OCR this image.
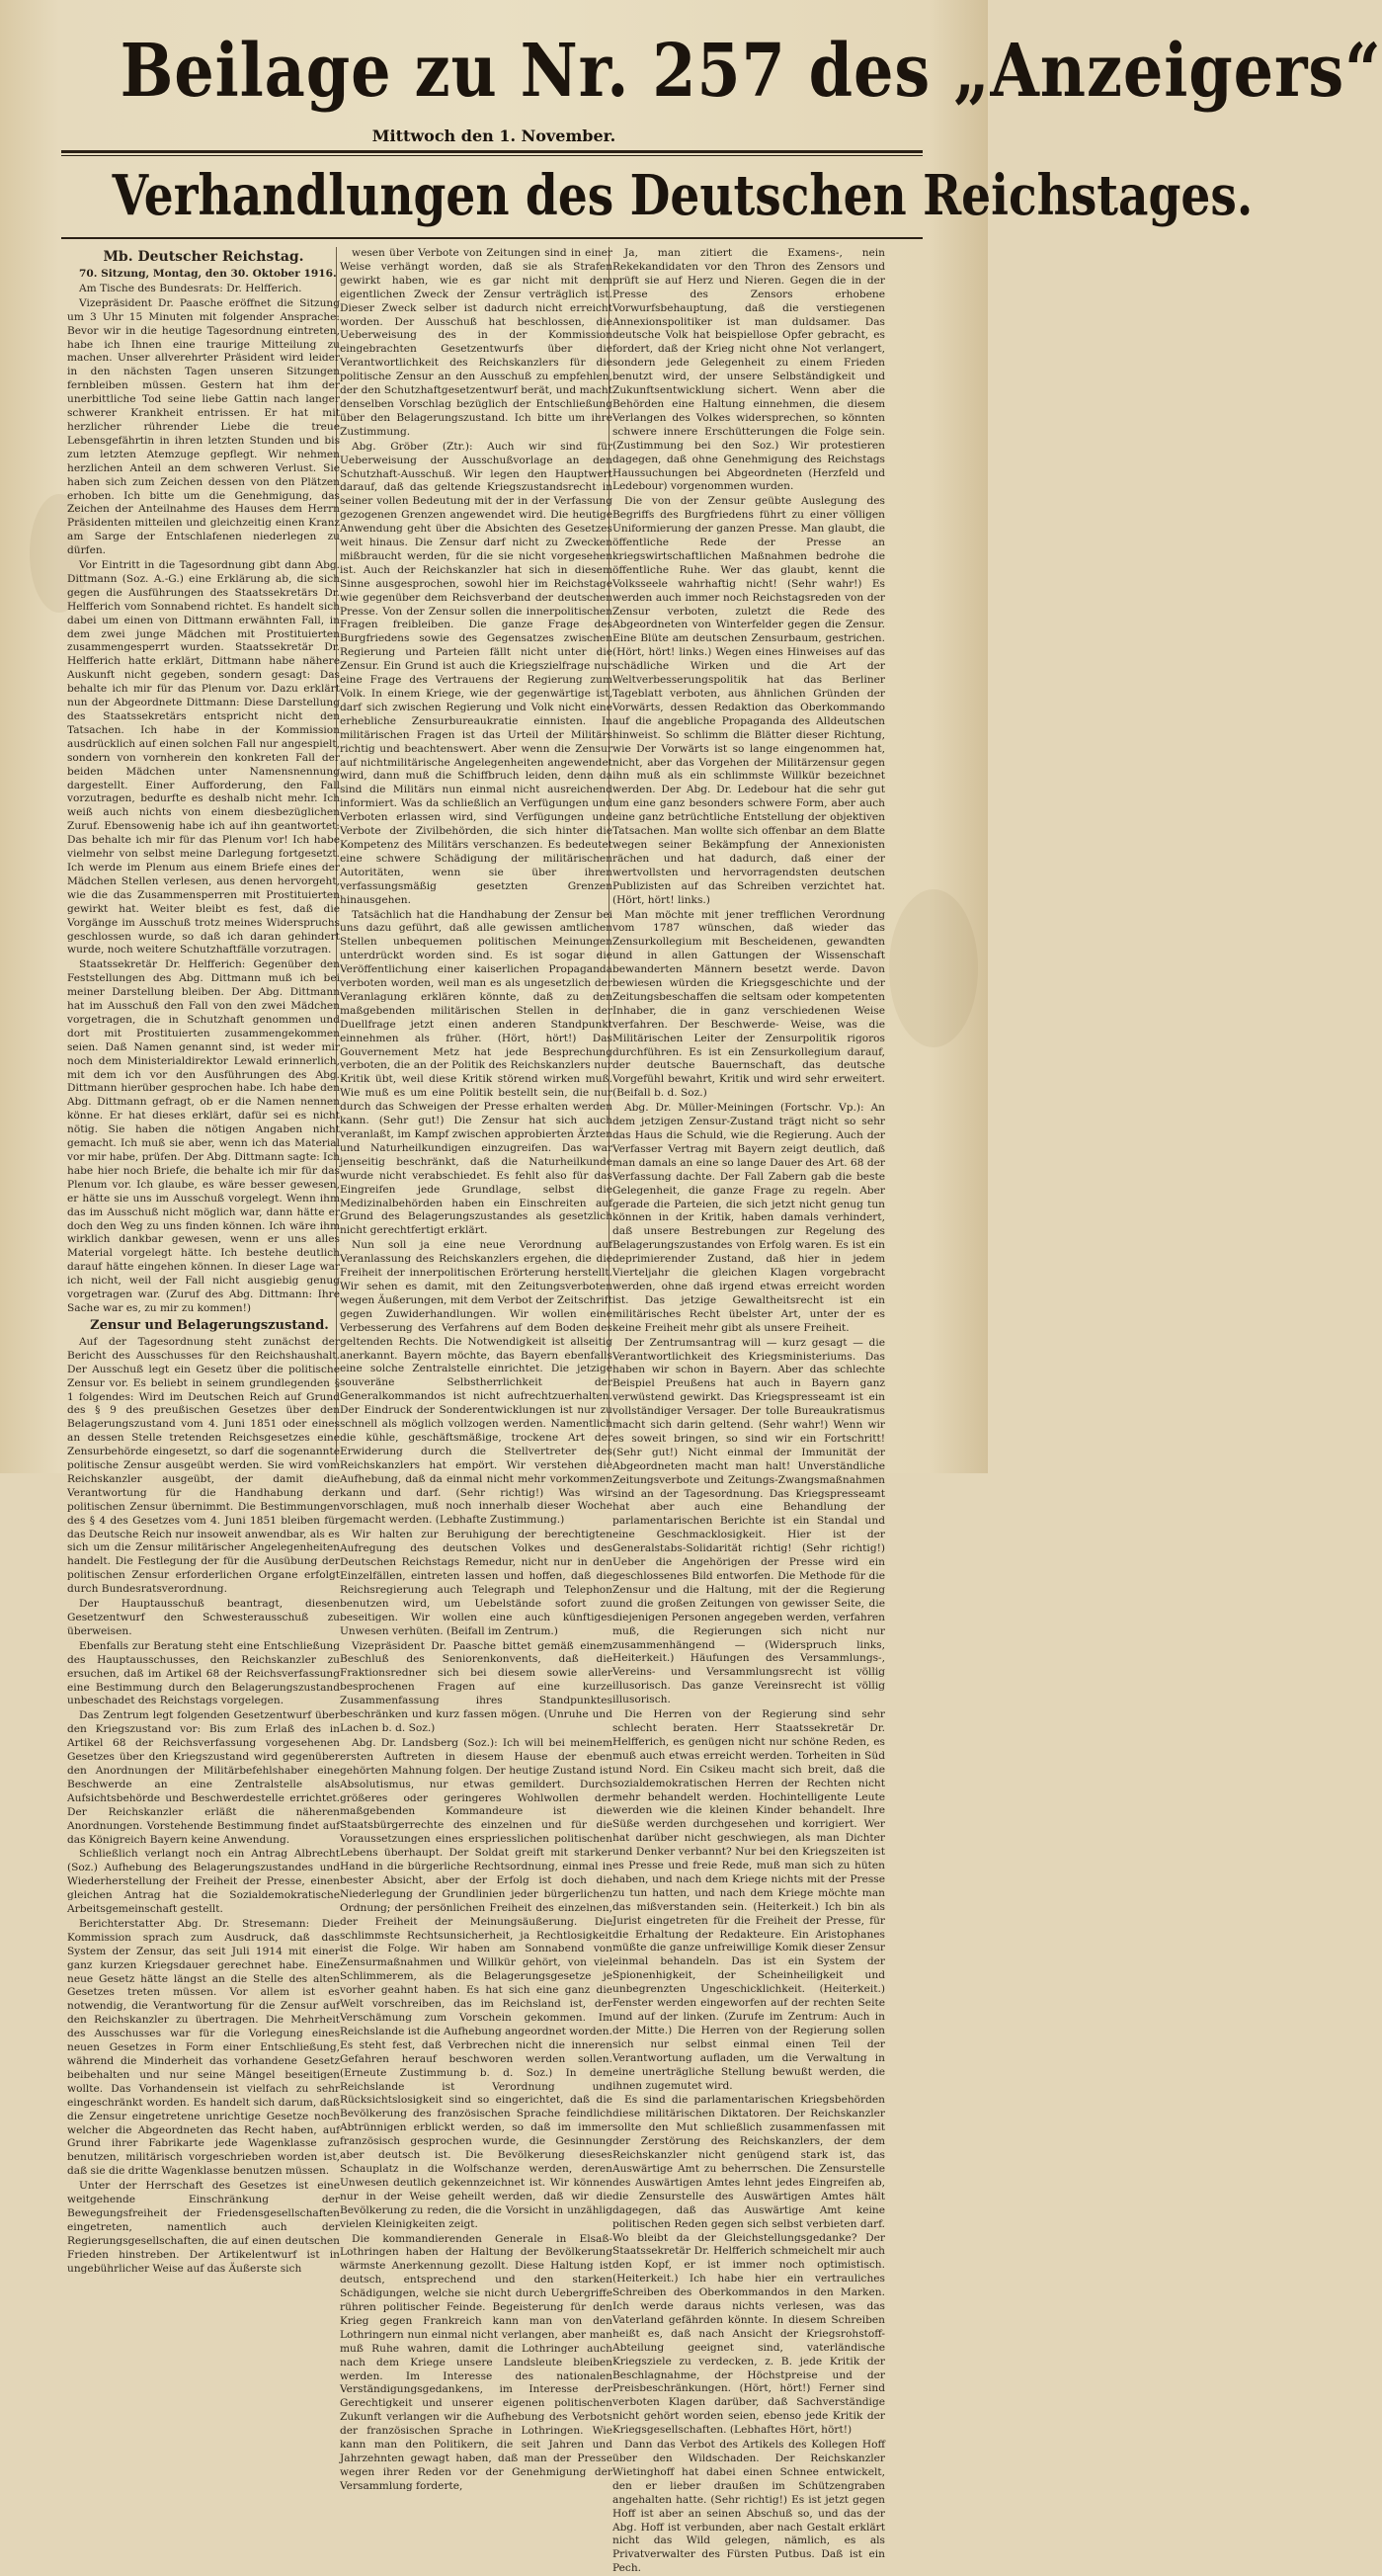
Beilage zu Nr. 257 des „Anzeigers“
Mittwoch den 1. November.
Verhandlungen des Deutschen Reichstages.

Mb. Deutscher Reichstag.

70. Sitzung, Montag, den 30. Oktober 1916.

Am Tische des Bundesrats: Dr. Helfferich.

Vizepräsident Dr. Paasche eröffnet die Sitzung um 3 Uhr 15 Minuten mit folgender Ansprache: Bevor wir in die heutige Tagesordnung eintreten, habe ich Ihnen eine traurige Mitteilung zu machen. Unser allverehrter Präsident wird leider in den nächsten Tagen unseren Sitzungen fernbleiben müssen. Gestern hat ihm der unerbittliche Tod seine liebe Gattin nach langer schwerer Krankheit entrissen. Er hat mit herzlicher rührender Liebe die treue Lebensgefährtin in ihren letzten Stunden und bis zum letzten Atemzuge gepflegt. Wir nehmen herzlichen Anteil an dem schweren Verlust. Sie haben sich zum Zeichen dessen von den Plätzen erhoben. Ich bitte um die Genehmigung, das Zeichen der Anteilnahme des Hauses dem Herrn Präsidenten mitteilen und gleichzeitig einen Kranz am Sarge der Entschlafenen niederlegen zu dürfen.

Vor Eintritt in die Tagesordnung gibt dann Abg. Dittmann (Soz. A.-G.) eine Erklärung ab, die sich gegen die Ausführungen des Staatssekretärs Dr. Helfferich vom Sonnabend richtet. Es handelt sich dabei um einen von Dittmann erwähnten Fall, in dem zwei junge Mädchen mit Prostituierten zusammengesperrt wurden. Staatssekretär Dr. Helfferich hatte erklärt, Dittmann habe nähere Auskunft nicht gegeben, sondern gesagt: Das behalte ich mir für das Plenum vor. Dazu erklärt nun der Abgeordnete Dittmann: Diese Darstellung des Staatssekretärs entspricht nicht den Tatsachen. Ich habe in der Kommission ausdrücklich auf einen solchen Fall nur angespielt, sondern von vornherein den konkreten Fall der beiden Mädchen unter Namensnennung dargestellt. Einer Aufforderung, den Fall vorzutragen, bedurfte es deshalb nicht mehr. Ich weiß auch nichts von einem diesbezüglichen Zuruf. Ebensowenig habe ich auf ihn geantwortet: Das behalte ich mir für das Plenum vor! Ich habe vielmehr von selbst meine Darlegung fortgesetzt. Ich werde im Plenum aus einem Briefe eines der Mädchen Stellen verlesen, aus denen hervorgeht, wie die das Zusammensperren mit Prostituierten gewirkt hat. Weiter bleibt es fest, daß die Vorgänge im Ausschuß trotz meines Widerspruchs geschlossen wurde, so daß ich daran gehindert wurde, noch weitere Schutzhaftfälle vorzutragen.

Staatssekretär Dr. Helfferich: Gegenüber den Feststellungen des Abg. Dittmann muß ich bei meiner Darstellung bleiben. Der Abg. Dittmann hat im Ausschuß den Fall von den zwei Mädchen vorgetragen, die in Schutzhaft genommen und dort mit Prostituierten zusammengekommen seien. Daß Namen genannt sind, ist weder mir noch dem Ministerialdirektor Lewald erinnerlich, mit dem ich vor den Ausführungen des Abg. Dittmann hierüber gesprochen habe. Ich habe den Abg. Dittmann gefragt, ob er die Namen nennen könne. Er hat dieses erklärt, dafür sei es nicht nötig. Sie haben die nötigen Angaben nicht gemacht. Ich muß sie aber, wenn ich das Material vor mir habe, prüfen. Der Abg. Dittmann sagte: Ich habe hier noch Briefe, die behalte ich mir für das Plenum vor. Ich glaube, es wäre besser gewesen, er hätte sie uns im Ausschuß vorgelegt. Wenn ihm das im Ausschuß nicht möglich war, dann hätte er doch den Weg zu uns finden können. Ich wäre ihm wirklich dankbar gewesen, wenn er uns alles Material vorgelegt hätte. Ich bestehe deutlich darauf hätte eingehen können. In dieser Lage war ich nicht, weil der Fall nicht ausgiebig genug vorgetragen war. (Zuruf des Abg. Dittmann: Ihre Sache war es, zu mir zu kommen!)

Zensur und Belagerungszustand.

Auf der Tagesordnung steht zunächst der Bericht des Ausschusses für den Reichshaushalt. Der Ausschuß legt ein Gesetz über die politische Zensur vor. Es beliebt in seinem grundlegenden § 1 folgendes: Wird im Deutschen Reich auf Grund des § 9 des preußischen Gesetzes über den Belagerungszustand vom 4. Juni 1851 oder eines an dessen Stelle tretenden Reichsgesetzes eine Zensurbehörde eingesetzt, so darf die sogenannte politische Zensur ausgeübt werden. Sie wird vom Reichskanzler ausgeübt, der damit die Verantwortung für die Handhabung der politischen Zensur übernimmt. Die Bestimmungen des § 4 des Gesetzes vom 4. Juni 1851 bleiben für das Deutsche Reich nur insoweit anwendbar, als es sich um die Zensur militärischer Angelegenheiten handelt. Die Festlegung der für die Ausübung der politischen Zensur erforderlichen Organe erfolgt durch Bundesratsverordnung.

Der Hauptausschuß beantragt, diesen Gesetzentwurf den Schwesterausschuß zu überweisen.

Ebenfalls zur Beratung steht eine Entschließung des Hauptausschusses, den Reichskanzler zu ersuchen, daß im Artikel 68 der Reichsverfassung eine Bestimmung durch den Belagerungszustand unbeschadet des Reichstags vorgelegen.

Das Zentrum legt folgenden Gesetzentwurf über den Kriegszustand vor: Bis zum Erlaß des in Artikel 68 der Reichsverfassung vorgesehenen Gesetzes über den Kriegszustand wird gegenüber den Anordnungen der Militärbefehlshaber eine Beschwerde an eine Zentralstelle als Aufsichtsbehörde und Beschwerdestelle errichtet. Der Reichskanzler erläßt die näheren Anordnungen. Vorstehende Bestimmung findet auf das Königreich Bayern keine Anwendung.

Schließlich verlangt noch ein Antrag Albrecht (Soz.) Aufhebung des Belagerungszustandes und Wiederherstellung der Freiheit der Presse, einen gleichen Antrag hat die Sozialdemokratische Arbeitsgemeinschaft gestellt.

Berichterstatter Abg. Dr. Stresemann: Die Kommission sprach zum Ausdruck, daß das System der Zensur, das seit Juli 1914 mit einer ganz kurzen Kriegsdauer gerechnet habe. Eine neue Gesetz hätte längst an die Stelle des alten Gesetzes treten müssen. Vor allem ist es notwendig, die Verantwortung für die Zensur auf den Reichskanzler zu übertragen. Die Mehrheit des Ausschusses war für die Vorlegung eines neuen Gesetzes in Form einer Entschließung, während die Minderheit das vorhandene Gesetz beibehalten und nur seine Mängel beseitigen wollte. Das Vorhandensein ist vielfach zu sehr eingeschränkt worden. Es handelt sich darum, daß die Zensur eingetretene unrichtige Gesetze noch welcher die Abgeordneten das Recht haben, auf Grund ihrer Fabrikarte jede Wagenklasse zu benutzen, militärisch vorgeschrieben worden ist, daß sie die dritte Wagenklasse benutzen müssen.

Unter der Herrschaft des Gesetzes ist eine weitgehende Einschränkung der Bewegungsfreiheit der Friedensgesellschaften eingetreten, namentlich auch der Regierungsgesellschaften, die auf einen deutschen Frieden hinstreben. Der Artikelentwurf ist in ungebührlicher Weise auf das Äußerste sich

wesen über Verbote von Zeitungen sind in einer Weise verhängt worden, daß sie als Strafen gewirkt haben, wie es gar nicht mit dem eigentlichen Zweck der Zensur verträglich ist. Dieser Zweck selber ist dadurch nicht erreicht worden. Der Ausschuß hat beschlossen, die Ueberweisung des in der Kommission eingebrachten Gesetzentwurfs über die Verantwortlichkeit des Reichskanzlers für die politische Zensur an den Ausschuß zu empfehlen, der den Schutzhaftgesetzentwurf berät, und macht denselben Vorschlag bezüglich der Entschließung über den Belagerungszustand. Ich bitte um ihre Zustimmung.

Abg. Gröber (Ztr.): Auch wir sind für Ueberweisung der Ausschußvorlage an den Schutzhaft-Ausschuß. Wir legen den Hauptwert darauf, daß das geltende Kriegszustandsrecht in seiner vollen Bedeutung mit der in der Verfassung gezogenen Grenzen angewendet wird. Die heutige Anwendung geht über die Absichten des Gesetzes weit hinaus. Die Zensur darf nicht zu Zwecken mißbraucht werden, für die sie nicht vorgesehen ist. Auch der Reichskanzler hat sich in diesem Sinne ausgesprochen, sowohl hier im Reichstage wie gegenüber dem Reichsverband der deutschen Presse. Von der Zensur sollen die innerpolitischen Fragen freibleiben. Die ganze Frage des Burgfriedens sowie des Gegensatzes zwischen Regierung und Parteien fällt nicht unter die Zensur. Ein Grund ist auch die Kriegszielfrage nur eine Frage des Vertrauens der Regierung zum Volk. In einem Kriege, wie der gegenwärtige ist, darf sich zwischen Regierung und Volk nicht eine erhebliche Zensurbureaukratie einnisten. In militärischen Fragen ist das Urteil der Militärs richtig und beachtenswert. Aber wenn die Zensur auf nichtmilitärische Angelegenheiten angewendet wird, dann muß die Schiffbruch leiden, denn da sind die Militärs nun einmal nicht ausreichend informiert. Was da schließlich an Verfügungen und Verboten erlassen wird, sind Verfügungen und Verbote der Zivilbehörden, die sich hinter die Kompetenz des Militärs verschanzen. Es bedeutet eine schwere Schädigung der militärischen Autoritäten, wenn sie über ihren verfassungsmäßig gesetzten Grenzen hinausgehen.

Tatsächlich hat die Handhabung der Zensur bei uns dazu geführt, daß alle gewissen amtlichen Stellen unbequemen politischen Meinungen unterdrückt worden sind. Es ist sogar die Veröffentlichung einer kaiserlichen Propaganda verboten worden, weil man es als ungesetzlich der Veranlagung erklären könnte, daß zu den maßgebenden militärischen Stellen in der Duellfrage jetzt einen anderen Standpunkt einnehmen als früher. (Hört, hört!) Das Gouvernement Metz hat jede Besprechung verboten, die an der Politik des Reichskanzlers nur Kritik übt, weil diese Kritik störend wirken muß. Wie muß es um eine Politik bestellt sein, die nur durch das Schweigen der Presse erhalten werden kann. (Sehr gut!) Die Zensur hat sich auch veranlaßt, im Kampf zwischen approbierten Ärzten und Naturheilkundigen einzugreifen. Das war jenseitig beschränkt, daß die Naturheilkunde wurde nicht verabschiedet. Es fehlt also für das Eingreifen jede Grundlage, selbst die Medizinalbehörden haben ein Einschreiten auf Grund des Belagerungszustandes als gesetzlich nicht gerechtfertigt erklärt.

Nun soll ja eine neue Verordnung auf Veranlassung des Reichskanzlers ergehen, die die Freiheit der innerpolitischen Erörterung herstellt. Wir sehen es damit, mit den Zeitungsverboten wegen Äußerungen, mit dem Verbot der Zeitschrift gegen Zuwiderhandlungen. Wir wollen eine Verbesserung des Verfahrens auf dem Boden des geltenden Rechts. Die Notwendigkeit ist allseitig anerkannt. Bayern möchte, das Bayern ebenfalls eine solche Zentralstelle einrichtet. Die jetzige souveräne Selbstherrlichkeit der Generalkommandos ist nicht aufrechtzuerhalten. Der Eindruck der Sonderentwicklungen ist nur zu schnell als möglich vollzogen werden. Namentlich die kühle, geschäftsmäßige, trockene Art der Erwiderung durch die Stellvertreter des Reichskanzlers hat empört. Wir verstehen die Aufhebung, daß da einmal nicht mehr vorkommen kann und darf. (Sehr richtig!) Was wir vorschlagen, muß noch innerhalb dieser Woche gemacht werden. (Lebhafte Zustimmung.)

Wir halten zur Beruhigung der berechtigten Aufregung des deutschen Volkes und des Deutschen Reichstags Remedur, nicht nur in den Einzelfällen, eintreten lassen und hoffen, daß die Reichsregierung auch Telegraph und Telephon benutzen wird, um Uebelstände sofort zu beseitigen. Wir wollen eine auch künftiges Unwesen verhüten. (Beifall im Zentrum.)

Vizepräsident Dr. Paasche bittet gemäß einem Beschluß des Seniorenkonvents, daß die Fraktionsredner sich bei diesem sowie aller besprochenen Fragen auf eine kurze Zusammenfassung ihres Standpunktes beschränken und kurz fassen mögen. (Unruhe und Lachen b. d. Soz.)

Abg. Dr. Landsberg (Soz.): Ich will bei meinem ersten Auftreten in diesem Hause der eben gehörten Mahnung folgen. Der heutige Zustand ist Absolutismus, nur etwas gemildert. Durch größeres oder geringeres Wohlwollen der maßgebenden Kommandeure ist die Staatsbürgerrechte des einzelnen und für die Voraussetzungen eines erspriesslichen politischen Lebens überhaupt. Der Soldat greift mit starker Hand in die bürgerliche Rechtsordnung, einmal in bester Absicht, aber der Erfolg ist doch die Niederlegung der Grundlinien jeder bürgerlichen Ordnung; der persönlichen Freiheit des einzelnen, der Freiheit der Meinungsäußerung. Die schlimmste Rechtsunsicherheit, ja Rechtlosigkeit ist die Folge. Wir haben am Sonnabend von Zensurmaßnahmen und Willkür gehört, von viel Schlimmerem, als die Belagerungsgesetze je vorher geahnt haben. Es hat sich eine ganz die Welt vorschreiben, das im Reichsland ist, der Verschämung zum Vorschein gekommen. Im Reichslande ist die Aufhebung angeordnet worden. Es steht fest, daß Verbrechen nicht die inneren Gefahren herauf beschworen werden sollen. (Erneute Zustimmung b. d. Soz.) In dem Reichslande ist Verordnung und Rücksichtslosigkeit sind so eingerichtet, daß die Bevölkerung des französischen Sprache feindlich Abtrünnigen erblickt werden, so daß im immer französisch gesprochen wurde, die Gesinnung aber deutsch ist. Die Bevölkerung dieses Schauplatz in die Wolfschanze werden, deren Unwesen deutlich gekennzeichnet ist. Wir können nur in der Weise geheilt werden, daß wir die Bevölkerung zu reden, die die Vorsicht in unzählig vielen Kleinigkeiten zeigt.

Die kommandierenden Generale in Elsaß-Lothringen haben der Haltung der Bevölkerung wärmste Anerkennung gezollt. Diese Haltung ist deutsch, entsprechend und den starken Schädigungen, welche sie nicht durch Uebergriffe rühren politischer Feinde. Begeisterung für den Krieg gegen Frankreich kann man von den Lothringern nun einmal nicht verlangen, aber man muß Ruhe wahren, damit die Lothringer auch nach dem Kriege unsere Landsleute bleiben werden. Im Interesse des nationalen Verständigungsgedankens, im Interesse der Gerechtigkeit und unserer eigenen politischen Zukunft verlangen wir die Aufhebung des Verbots der französischen Sprache in Lothringen. Wie kann man den Politikern, die seit Jahren und Jahrzehnten gewagt haben, daß man der Presse wegen ihrer Reden vor der Genehmigung der Versammlung forderte,

Ja, man zitiert die Examens-, nein Rekekandidaten vor den Thron des Zensors und prüft sie auf Herz und Nieren. Gegen die in der Presse des Zensors erhobene Vorwurfsbehauptung, daß die verstiegenen Annexionspolitiker ist man duldsamer. Das deutsche Volk hat beispiellose Opfer gebracht, es fordert, daß der Krieg nicht ohne Not verlangert, sondern jede Gelegenheit zu einem Frieden benutzt wird, der unsere Selbständigkeit und Zukunftsentwicklung sichert. Wenn aber die Behörden eine Haltung einnehmen, die diesem Verlangen des Volkes widersprechen, so könnten schwere innere Erschütterungen die Folge sein. (Zustimmung bei den Soz.) Wir protestieren dagegen, daß ohne Genehmigung des Reichstags Haussuchungen bei Abgeordneten (Herzfeld und Ledebour) vorgenommen wurden.

Die von der Zensur geübte Auslegung des Begriffs des Burgfriedens führt zu einer völligen Uniformierung der ganzen Presse. Man glaubt, die öffentliche Rede der Presse an kriegswirtschaftlichen Maßnahmen bedrohe die öffentliche Ruhe. Wer das glaubt, kennt die Volksseele wahrhaftig nicht! (Sehr wahr!) Es werden auch immer noch Reichstagsreden von der Zensur verboten, zuletzt die Rede des Abgeordneten von Winterfelder gegen die Zensur. Eine Blüte am deutschen Zensurbaum, gestrichen. (Hört, hört! links.) Wegen eines Hinweises auf das schädliche Wirken und die Art der Weltverbesserungspolitik hat das Berliner Tageblatt verboten, aus ähnlichen Gründen der Vorwärts, dessen Redaktion das Oberkommando auf die angebliche Propaganda des Alldeutschen hinweist. So schlimm die Blätter dieser Richtung, wie Der Vorwärts ist so lange eingenommen hat, nicht, aber das Vorgehen der Militärzensur gegen ihn muß als ein schlimmste Willkür bezeichnet werden. Der Abg. Dr. Ledebour hat die sehr gut um eine ganz besonders schwere Form, aber auch eine ganz betrüchtliche Entstellung der objektiven Tatsachen. Man wollte sich offenbar an dem Blatte wegen seiner Bekämpfung der Annexionisten rächen und hat dadurch, daß einer der wertvollsten und hervorragendsten deutschen Publizisten auf das Schreiben verzichtet hat. (Hört, hört! links.)

Man möchte mit jener trefflichen Verordnung vom 1787 wünschen, daß wieder das Zensurkollegium mit Bescheidenen, gewandten und in allen Gattungen der Wissenschaft bewanderten Männern besetzt werde. Davon bewiesen würden die Kriegsgeschichte und der Zeitungsbeschaffen die seltsam oder kompetenten Inhaber, die in ganz verschiedenen Weise verfahren. Der Beschwerde- Weise, was die Militärischen Leiter der Zensurpolitik rigoros durchführen. Es ist ein Zensurkollegium darauf, der deutsche Bauernschaft, das deutsche Vorgefühl bewahrt, Kritik und wird sehr erweitert. (Beifall b. d. Soz.)

Abg. Dr. Müller-Meiningen (Fortschr. Vp.): An dem jetzigen Zensur-Zustand trägt nicht so sehr das Haus die Schuld, wie die Regierung. Auch der Verfasser Vertrag mit Bayern zeigt deutlich, daß man damals an eine so lange Dauer des Art. 68 der Verfassung dachte. Der Fall Zabern gab die beste Gelegenheit, die ganze Frage zu regeln. Aber gerade die Parteien, die sich jetzt nicht genug tun können in der Kritik, haben damals verhindert, daß unsere Bestrebungen zur Regelung des Belagerungszustandes von Erfolg waren. Es ist ein deprimierender Zustand, daß hier in jedem Vierteljahr die gleichen Klagen vorgebracht werden, ohne daß irgend etwas erreicht worden ist. Das jetzige Gewaltheitsrecht ist ein militärisches Recht übelster Art, unter der es keine Freiheit mehr gibt als unsere Freiheit.

Der Zentrumsantrag will — kurz gesagt — die Verantwortlichkeit des Kriegsministeriums. Das haben wir schon in Bayern. Aber das schlechte Beispiel Preußens hat auch in Bayern ganz verwüstend gewirkt. Das Kriegspresseamt ist ein vollständiger Versager. Der tolle Bureaukratismus macht sich darin geltend. (Sehr wahr!) Wenn wir es soweit bringen, so sind wir ein Fortschritt! (Sehr gut!) Nicht einmal der Immunität der Abgeordneten macht man halt! Unverständliche Zeitungsverbote und Zeitungs-Zwangsmaßnahmen sind an der Tagesordnung. Das Kriegspresseamt hat aber auch eine Behandlung der parlamentarischen Berichte ist ein Standal und eine Geschmacklosigkeit. Hier ist der Generalstabs-Solidarität richtig! (Sehr richtig!) Ueber die Angehörigen der Presse wird ein geschlossenes Bild entworfen. Die Methode für die Zensur und die Haltung, mit der die Regierung und die großen Zeitungen von gewisser Seite, die diejenigen Personen angegeben werden, verfahren muß, die Regierungen sich nicht nur zusammenhängend — (Widerspruch links, Heiterkeit.) Häufungen des Versammlungs-, Vereins- und Versammlungsrecht ist völlig illusorisch. Das ganze Vereinsrecht ist völlig illusorisch.

Die Herren von der Regierung sind sehr schlecht beraten. Herr Staatssekretär Dr. Helfferich, es genügen nicht nur schöne Reden, es muß auch etwas erreicht werden. Torheiten in Süd und Nord. Ein Csikeu macht sich breit, daß die sozialdemokratischen Herren der Rechten nicht mehr behandelt werden. Hochintelligente Leute werden wie die kleinen Kinder behandelt. Ihre Süße werden durchgesehen und korrigiert. Wer hat darüber nicht geschwiegen, als man Dichter und Denker verbannt? Nur bei den Kriegszeiten ist es Presse und freie Rede, muß man sich zu hüten haben, und nach dem Kriege nichts mit der Presse zu tun hatten, und nach dem Kriege möchte man das mißverstanden sein. (Heiterkeit.) Ich bin als Jurist eingetreten für die Freiheit der Presse, für die Erhaltung der Redakteure. Ein Aristophanes müßte die ganze unfreiwillige Komik dieser Zensur einmal behandeln. Das ist ein System der Spionenhigkeit, der Scheinheiligkeit und unbegrenzten Ungeschicklichkeit. (Heiterkeit.) Fenster werden eingeworfen auf der rechten Seite und auf der linken. (Zurufe im Zentrum: Auch in der Mitte.) Die Herren von der Regierung sollen sich nur selbst einmal einen Teil der Verantwortung aufladen, um die Verwaltung in eine unerträgliche Stellung bewußt werden, die ihnen zugemutet wird.

Es sind die parlamentarischen Kriegsbehörden diese militärischen Diktatoren. Der Reichskanzler sollte den Mut schließlich zusammenfassen mit der Zerstörung des Reichskanzlers, der dem Reichskanzler nicht genügend stark ist, das Auswärtige Amt zu beherrschen. Die Zensurstelle des Auswärtigen Amtes lehnt jedes Eingreifen ab, die Zensurstelle des Auswärtigen Amtes hält dagegen, daß das Auswärtige Amt keine politischen Reden gegen sich selbst verbieten darf. Wo bleibt da der Gleichstellungsgedanke? Der Staatssekretär Dr. Helfferich schmeichelt mir auch den Kopf, er ist immer noch optimistisch. (Heiterkeit.) Ich habe hier ein vertrauliches Schreiben des Oberkommandos in den Marken. Ich werde daraus nichts verlesen, was das Vaterland gefährden könnte. In diesem Schreiben heißt es, daß nach Ansicht der Kriegsrohstoff-Abteilung geeignet sind, vaterländische Kriegsziele zu verdecken, z. B. jede Kritik der Beschlagnahme, der Höchstpreise und der Preisbeschränkungen. (Hört, hört!) Ferner sind verboten Klagen darüber, daß Sachverständige nicht gehört worden seien, ebenso jede Kritik der Kriegsgesellschaften. (Lebhaftes Hört, hört!)

Dann das Verbot des Artikels des Kollegen Hoff über den Wildschaden. Der Reichskanzler Wietinghoff hat dabei einen Schnee entwickelt, den er lieber draußen im Schützengraben angehalten hatte. (Sehr richtig!) Es ist jetzt gegen Hoff ist aber an seinen Abschuß so, und das der Abg. Hoff ist verbunden, aber nach Gestalt erklärt nicht das Wild gelegen, nämlich, es als Privatverwalter des Fürsten Putbus. Daß ist ein Pech.
